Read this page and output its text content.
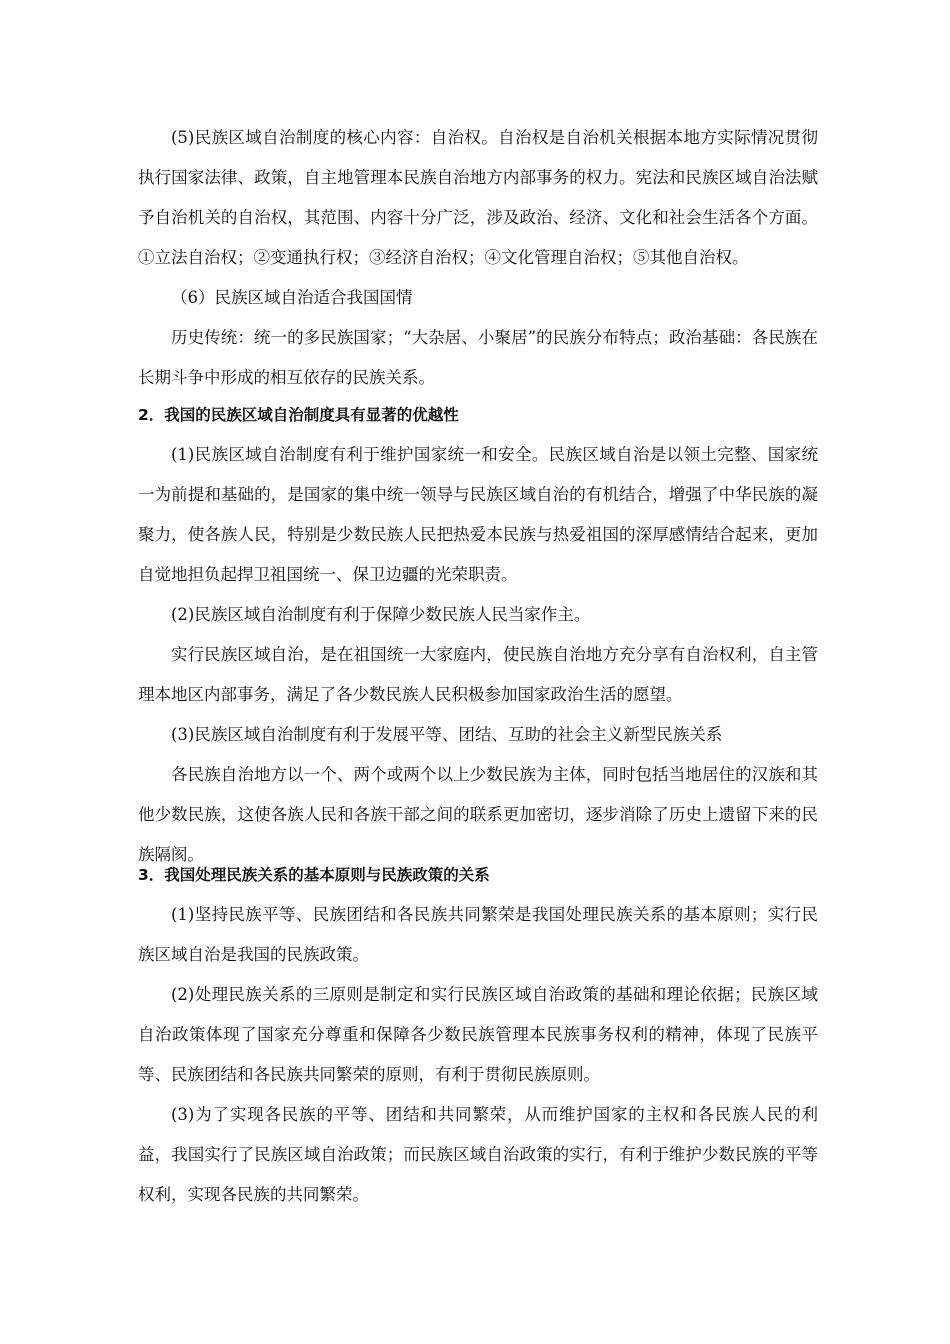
(5)民族区域自治制度的核心内容：自治权。自治权是自治机关根据本地方实际情况贯彻执行国家法律、政策，自主地管理本民族自治地方内部事务的权力。宪法和民族区域自治法赋予自治机关的自治权，其范围、内容十分广泛，涉及政治、经济、文化和社会生活各个方面。①立法自治权；②变通执行权；③经济自治权；④文化管理自治权；⑤其他自治权。

（6）民族区域自治适合我国国情

历史传统：统一的多民族国家；“大杂居、小聚居”的民族分布特点；政治基础：各民族在长期斗争中形成的相互依存的民族关系。

2．我国的民族区域自治制度具有显著的优越性

(1)民族区域自治制度有利于维护国家统一和安全。民族区域自治是以领土完整、国家统一为前提和基础的，是国家的集中统一领导与民族区域自治的有机结合，增强了中华民族的凝聚力，使各族人民，特别是少数民族人民把热爱本民族与热爱祖国的深厚感情结合起来，更加自觉地担负起捍卫祖国统一、保卫边疆的光荣职责。

(2)民族区域自治制度有利于保障少数民族人民当家作主。

实行民族区域自治，是在祖国统一大家庭内，使民族自治地方充分享有自治权利，自主管理本地区内部事务，满足了各少数民族人民积极参加国家政治生活的愿望。

(3)民族区域自治制度有利于发展平等、团结、互助的社会主义新型民族关系

各民族自治地方以一个、两个或两个以上少数民族为主体，同时包括当地居住的汉族和其他少数民族，这使各族人民和各族干部之间的联系更加密切，逐步消除了历史上遗留下来的民族隔阂。

3．我国处理民族关系的基本原则与民族政策的关系

(1)坚持民族平等、民族团结和各民族共同繁荣是我国处理民族关系的基本原则；实行民族区域自治是我国的民族政策。

(2)处理民族关系的三原则是制定和实行民族区域自治政策的基础和理论依据；民族区域自治政策体现了国家充分尊重和保障各少数民族管理本民族事务权利的精神，体现了民族平等、民族团结和各民族共同繁荣的原则，有利于贯彻民族原则。

(3)为了实现各民族的平等、团结和共同繁荣，从而维护国家的主权和各民族人民的利益，我国实行了民族区域自治政策；而民族区域自治政策的实行，有利于维护少数民族的平等权利，实现各民族的共同繁荣。
